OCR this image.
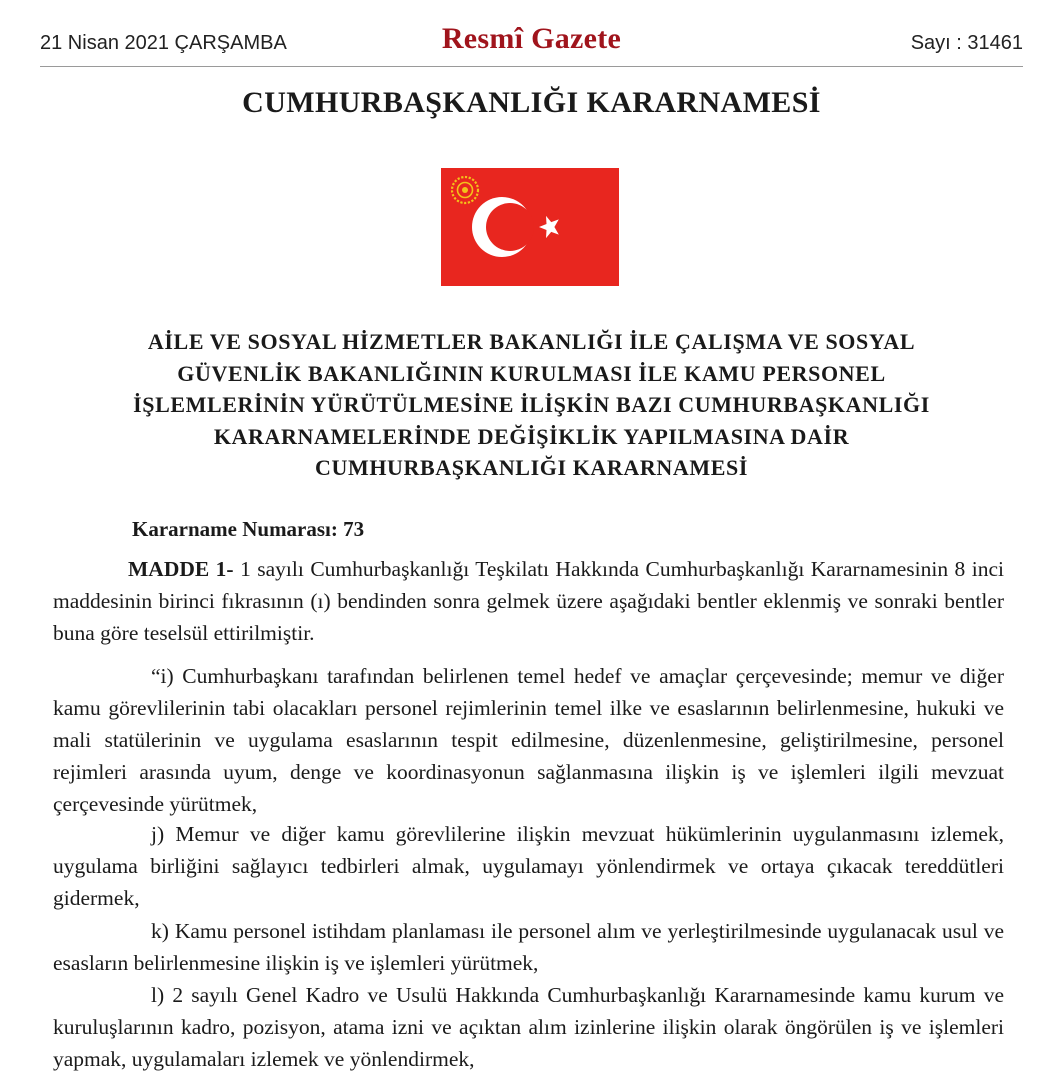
21 Nisan 2021 ÇARŞAMBA	Resmî Gazete	Sayı : 31461
CUMHURBAŞKANLIĞI KARARNAMESİ
AİLE VE SOSYAL HİZMETLER BAKANLIĞI İLE ÇALIŞMA VE SOSYAL
GÜVENLİK BAKANLIĞININ KURULMASI İLE KAMU PERSONEL
İŞLEMLERİNİN YÜRÜTÜLMESİNE İLİŞKİN BAZI CUMHURBAŞKANLIĞI
KARARNAMELERİNDE DEĞİŞİKLİK YAPILMASINA DAİR
CUMHURBAŞKANLIĞI KARARNAMESİ
Kararname Numarası: 73
MADDE 1- 1 sayılı Cumhurbaşkanlığı Teşkilatı Hakkında Cumhurbaşkanlığı Kararnamesinin 8 inci maddesinin birinci fıkrasının (ı) bendinden sonra gelmek üzere aşağıdaki bentler eklenmiş ve sonraki bentler buna göre teselsül ettirilmiştir.
“i) Cumhurbaşkanı tarafından belirlenen temel hedef ve amaçlar çerçevesinde; memur ve diğer kamu görevlilerinin tabi olacakları personel rejimlerinin temel ilke ve esaslarının belirlenmesine, hukuki ve mali statülerinin ve uygulama esaslarının tespit edilmesine, düzenlenmesine, geliştirilmesine, personel rejimleri arasında uyum, denge ve koordinasyonun sağlanmasına ilişkin iş ve işlemleri ilgili mevzuat çerçevesinde yürütmek,
j) Memur ve diğer kamu görevlilerine ilişkin mevzuat hükümlerinin uygulanmasını izlemek, uygulama birliğini sağlayıcı tedbirleri almak, uygulamayı yönlendirmek ve ortaya çıkacak tereddütleri gidermek,
k) Kamu personel istihdam planlaması ile personel alım ve yerleştirilmesinde uygulanacak usul ve esasların belirlenmesine ilişkin iş ve işlemleri yürütmek,
l) 2 sayılı Genel Kadro ve Usulü Hakkında Cumhurbaşkanlığı Kararnamesinde kamu kurum ve kuruluşlarının kadro, pozisyon, atama izni ve açıktan alım izinlerine ilişkin olarak öngörülen iş ve işlemleri yapmak, uygulamaları izlemek ve yönlendirmek,
